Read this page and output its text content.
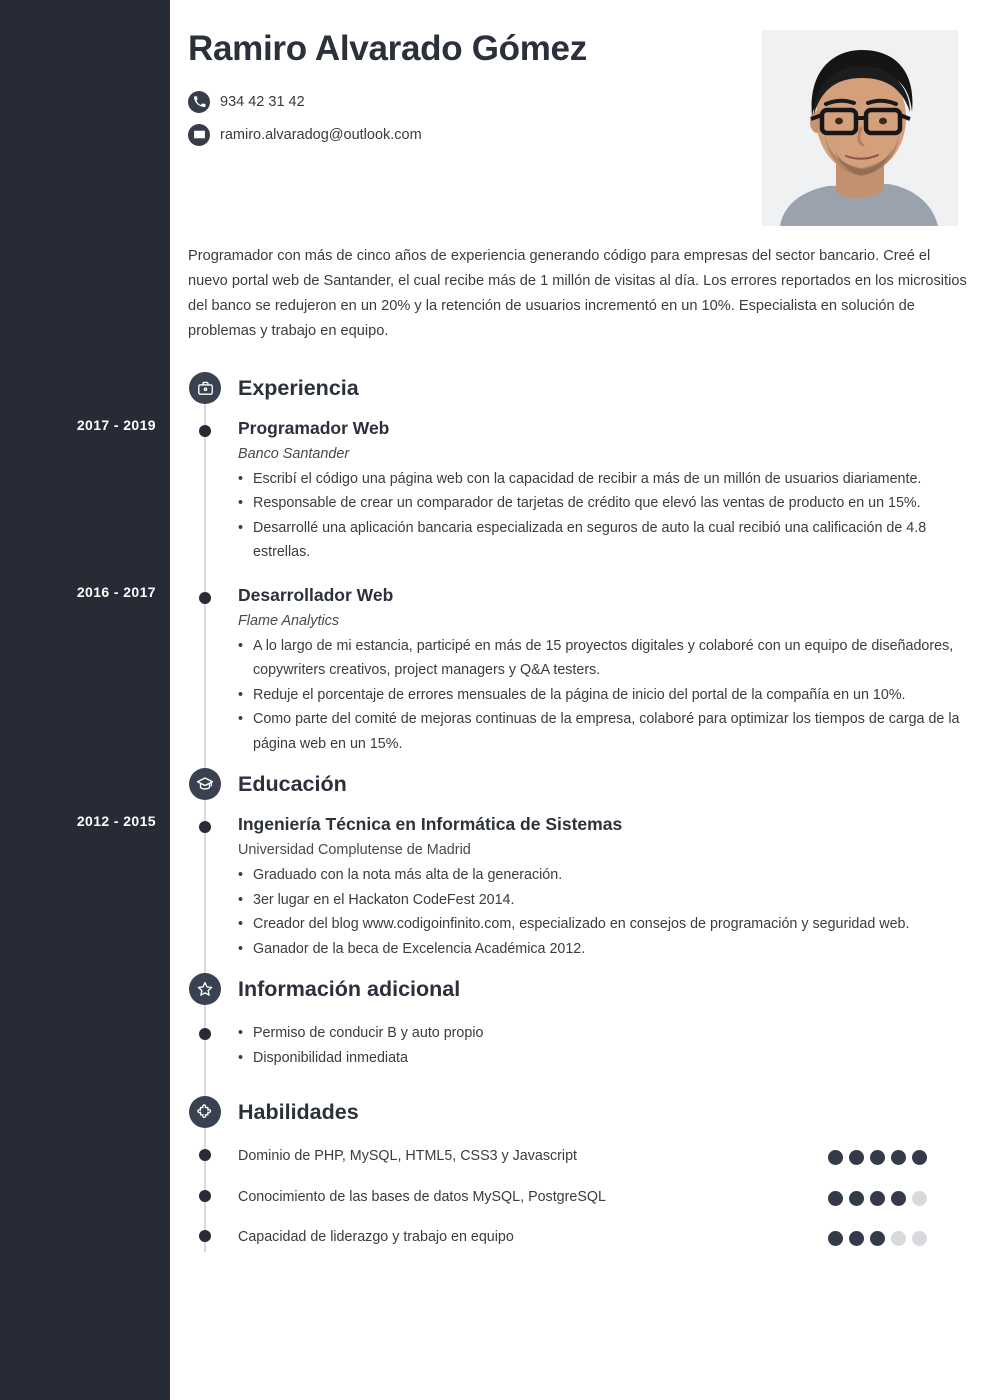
Ramiro Alvarado Gómez
934 42 31 42
ramiro.alvaradog@outlook.com
Programador con más de cinco años de experiencia generando código para empresas del sector bancario. Creé el nuevo portal web de Santander, el cual recibe más de 1 millón de visitas al día. Los errores reportados en los micrositios del banco se redujeron en un 20% y la retención de usuarios incrementó en un 10%. Especialista en solución de problemas y trabajo en equipo.
Experiencia
Programador Web
Banco Santander
• Escribí el código una página web con la capacidad de recibir a más de un millón de usuarios diariamente.
• Responsable de crear un comparador de tarjetas de crédito que elevó las ventas de producto en un 15%.
• Desarrollé una aplicación bancaria especializada en seguros de auto la cual recibió una calificación de 4.8 estrellas.
Desarrollador Web
Flame Analytics
• A lo largo de mi estancia, participé en más de 15 proyectos digitales y colaboré con un equipo de diseñadores, copywriters creativos, project managers y Q&A testers.
• Reduje el porcentaje de errores mensuales de la página de inicio del portal de la compañía en un 10%.
• Como parte del comité de mejoras continuas de la empresa, colaboré para optimizar los tiempos de carga de la página web en un 15%.
Educación
Ingeniería Técnica en Informática de Sistemas
Universidad Complutense de Madrid
• Graduado con la nota más alta de la generación.
• 3er lugar en el Hackaton CodeFest 2014.
• Creador del blog www.codigoinfinito.com, especializado en consejos de programación y seguridad web.
• Ganador de la beca de Excelencia Académica 2012.
Información adicional
• Permiso de conducir B y auto propio
• Disponibilidad inmediata
Habilidades
Dominio de PHP, MySQL, HTML5, CSS3 y Javascript
Conocimiento de las bases de datos MySQL, PostgreSQL
Capacidad de liderazgo y trabajo en equipo
2017 - 2019
2016 - 2017
2012 - 2015
